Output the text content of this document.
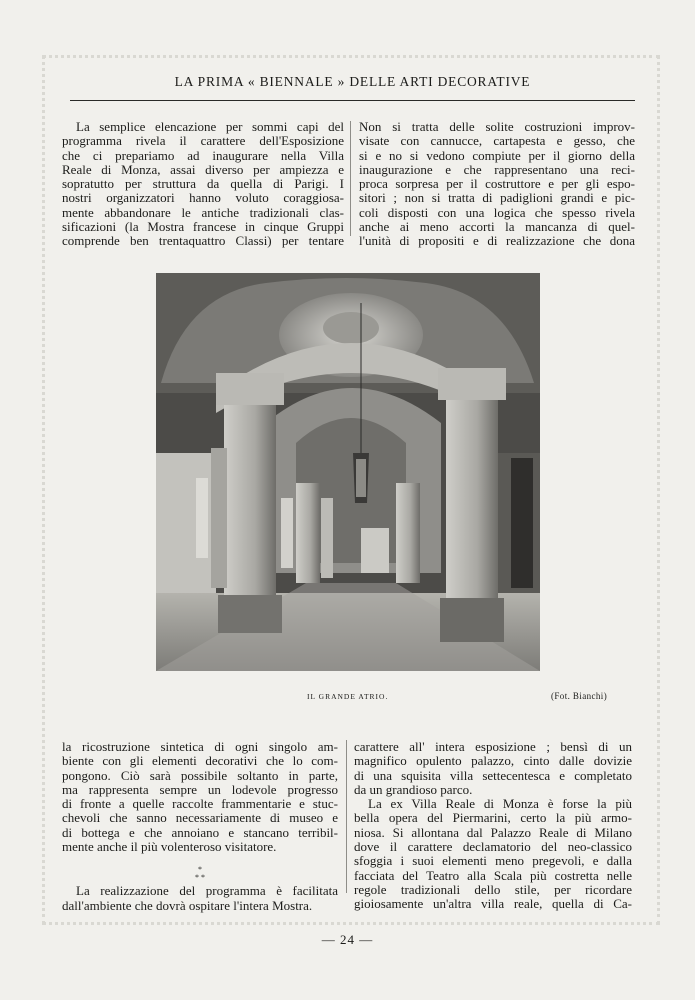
LA PRIMA « BIENNALE » DELLE ARTI DECORATIVE
La semplice elencazione per sommi capi del
programma rivela il carattere dell'Esposizione
che ci prepariamo ad inaugurare nella Villa
Reale di Monza, assai diverso per ampiezza e
sopratutto per struttura da quella di Parigi. I
nostri organizzatori hanno voluto coraggiosa-
mente abbandonare le antiche tradizionali clas-
sificazioni (la Mostra francese in cinque Gruppi
comprende ben trentaquattro Classi) per tentare
Non si tratta delle solite costruzioni improv-
visate con cannucce, cartapesta e gesso, che
si e no si vedono compiute per il giorno della
inaugurazione e che rappresentano una reci-
proca sorpresa per il costruttore e per gli espo-
sitori ; non si tratta di padiglioni grandi e pic-
coli disposti con una logica che spesso rivela
anche ai meno accorti la mancanza di quel-
l'unità di propositi e di realizzazione che dona
IL GRANDE ATRIO.	(Fot. Bianchi)
la ricostruzione sintetica di ogni singolo am-
biente con gli elementi decorativi che lo com-
pongono. Ciò sarà possibile soltanto in parte,
ma rappresenta sempre un lodevole progresso
di fronte a quelle raccolte frammentarie e stuc-
chevoli che sanno necessariamente di museo e
di bottega e che annoiano e stancano terribil-
mente anche il più volenteroso visitatore.
*
* *
La realizzazione del programma è facilitata
dall'ambiente che dovrà ospitare l'intera Mostra.
carattere all' intera esposizione ; bensì di un
magnifico opulento palazzo, cinto dalle dovizie
di una squisita villa settecentesca e completato
da un grandioso parco.
La ex Villa Reale di Monza è forse la più
bella opera del Piermarini, certo la più armo-
niosa. Si allontana dal Palazzo Reale di Milano
dove il carattere declamatorio del neo-classico
sfoggia i suoi elementi meno pregevoli, e dalla
facciata del Teatro alla Scala più costretta nelle
regole tradizionali dello stile, per ricordare
gioiosamente un'altra villa reale, quella di Ca-
— 24 —
